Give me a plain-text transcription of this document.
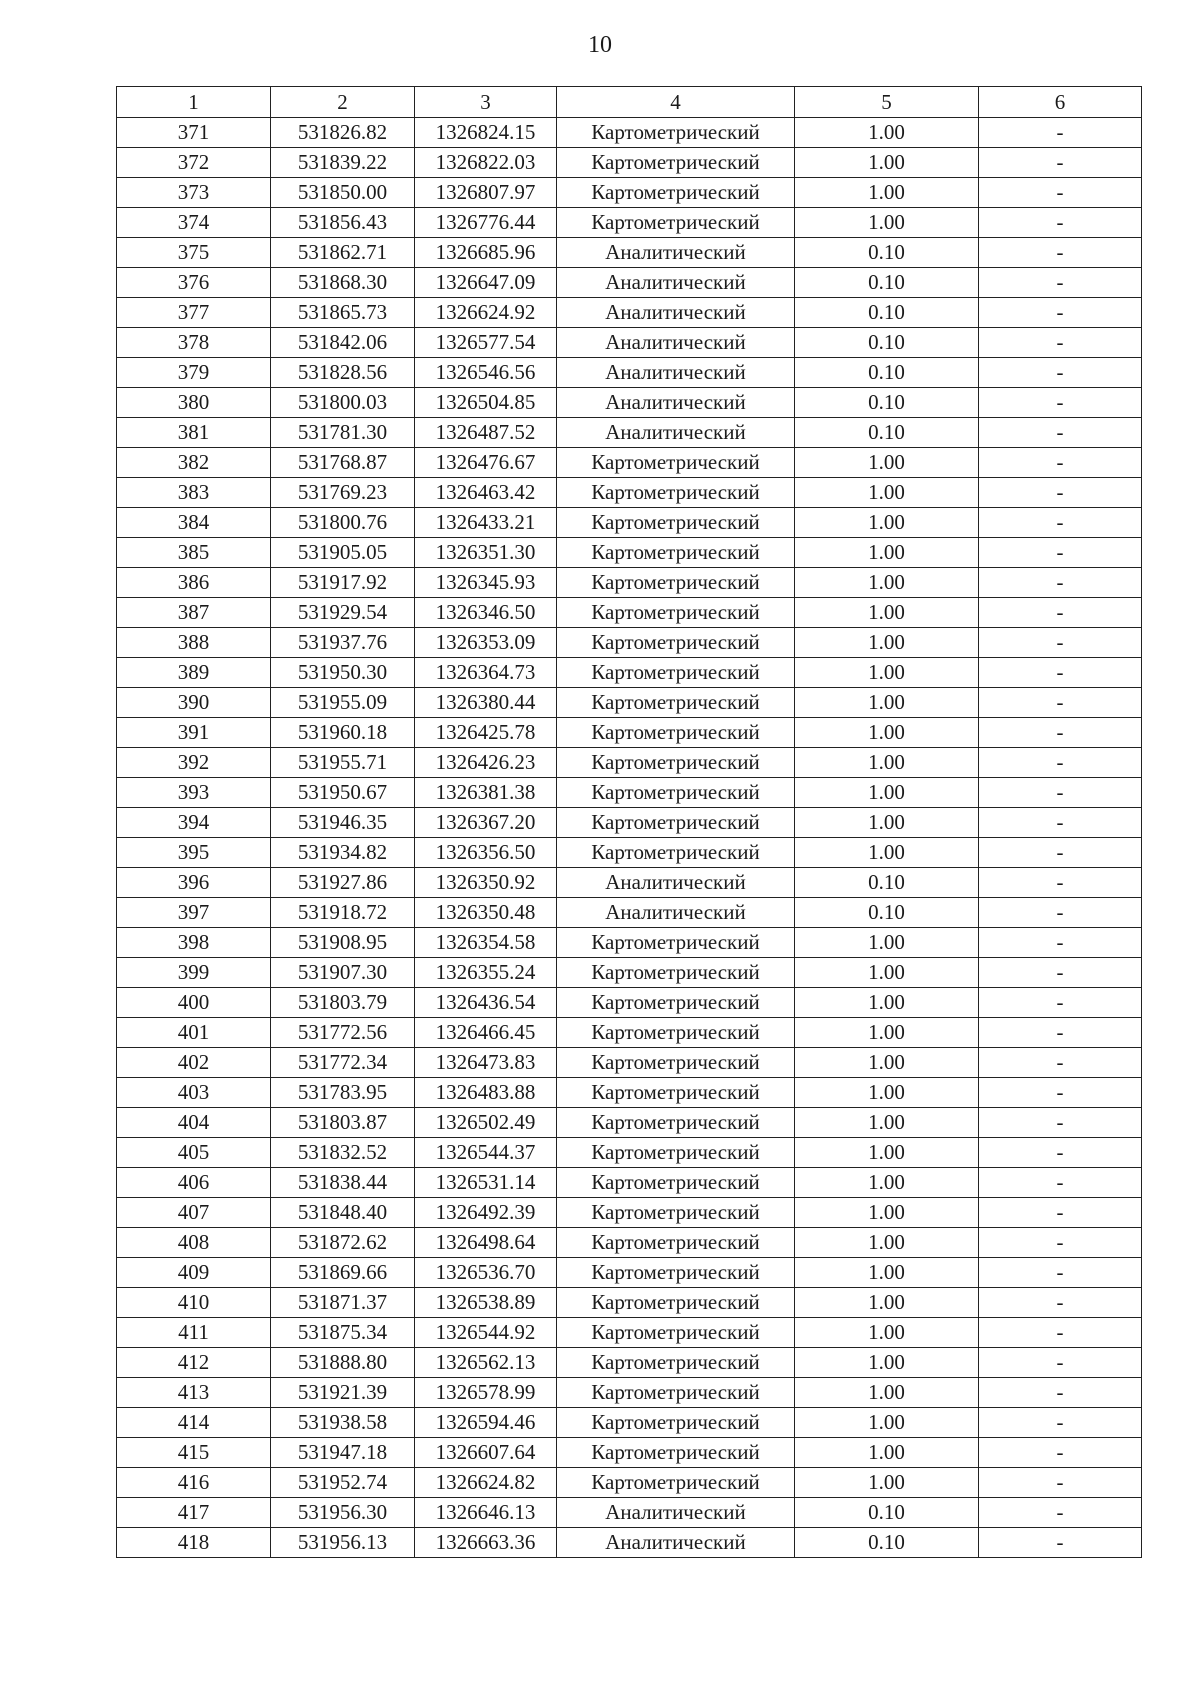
10
1	2	3	4	5	6
371	531826.82	1326824.15	Картометрический	1.00	-
372	531839.22	1326822.03	Картометрический	1.00	-
373	531850.00	1326807.97	Картометрический	1.00	-
374	531856.43	1326776.44	Картометрический	1.00	-
375	531862.71	1326685.96	Аналитический	0.10	-
376	531868.30	1326647.09	Аналитический	0.10	-
377	531865.73	1326624.92	Аналитический	0.10	-
378	531842.06	1326577.54	Аналитический	0.10	-
379	531828.56	1326546.56	Аналитический	0.10	-
380	531800.03	1326504.85	Аналитический	0.10	-
381	531781.30	1326487.52	Аналитический	0.10	-
382	531768.87	1326476.67	Картометрический	1.00	-
383	531769.23	1326463.42	Картометрический	1.00	-
384	531800.76	1326433.21	Картометрический	1.00	-
385	531905.05	1326351.30	Картометрический	1.00	-
386	531917.92	1326345.93	Картометрический	1.00	-
387	531929.54	1326346.50	Картометрический	1.00	-
388	531937.76	1326353.09	Картометрический	1.00	-
389	531950.30	1326364.73	Картометрический	1.00	-
390	531955.09	1326380.44	Картометрический	1.00	-
391	531960.18	1326425.78	Картометрический	1.00	-
392	531955.71	1326426.23	Картометрический	1.00	-
393	531950.67	1326381.38	Картометрический	1.00	-
394	531946.35	1326367.20	Картометрический	1.00	-
395	531934.82	1326356.50	Картометрический	1.00	-
396	531927.86	1326350.92	Аналитический	0.10	-
397	531918.72	1326350.48	Аналитический	0.10	-
398	531908.95	1326354.58	Картометрический	1.00	-
399	531907.30	1326355.24	Картометрический	1.00	-
400	531803.79	1326436.54	Картометрический	1.00	-
401	531772.56	1326466.45	Картометрический	1.00	-
402	531772.34	1326473.83	Картометрический	1.00	-
403	531783.95	1326483.88	Картометрический	1.00	-
404	531803.87	1326502.49	Картометрический	1.00	-
405	531832.52	1326544.37	Картометрический	1.00	-
406	531838.44	1326531.14	Картометрический	1.00	-
407	531848.40	1326492.39	Картометрический	1.00	-
408	531872.62	1326498.64	Картометрический	1.00	-
409	531869.66	1326536.70	Картометрический	1.00	-
410	531871.37	1326538.89	Картометрический	1.00	-
411	531875.34	1326544.92	Картометрический	1.00	-
412	531888.80	1326562.13	Картометрический	1.00	-
413	531921.39	1326578.99	Картометрический	1.00	-
414	531938.58	1326594.46	Картометрический	1.00	-
415	531947.18	1326607.64	Картометрический	1.00	-
416	531952.74	1326624.82	Картометрический	1.00	-
417	531956.30	1326646.13	Аналитический	0.10	-
418	531956.13	1326663.36	Аналитический	0.10	-
